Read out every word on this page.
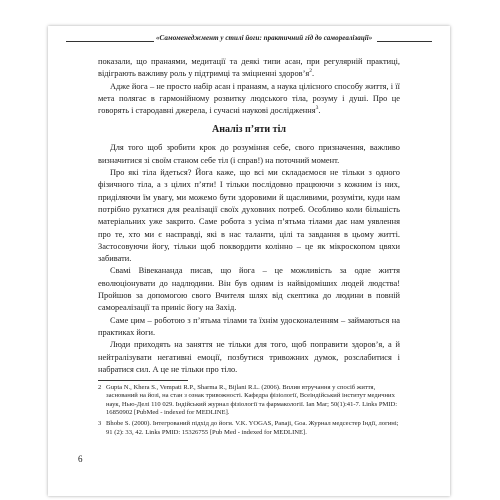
«Самоменеджмент у стилі йоги: практичний гід до самореалізації»

показали, що пранаями, медитації та деякі типи асан, при регулярній практиці, відіграють важливу роль у підтримці та зміцненні $здоров’я^2$.

Адже йога – не просто набір асан і пранаям, а наука цілісного способу життя, і її мета полягає в гармонійному розвитку людського тіла, розуму і душі. Про це говорять і стародавні джерела, і сучасні наукові дослідження$^3$.

Аналіз п’яти тіл

Для того щоб зробити крок до розуміння себе, свого призначення, важливо визначитися зі своїм станом себе тіл (і справ!) на поточний момент.

Про які тіла йдеться? Йога каже, що всі ми складаємося не тільки з одного фізичного тіла, а з цілих п’яти! І тільки послідовно працюючи з кожним із них, приділяючи їм увагу, ми можемо бути здоровими й щасливими, розуміти, куди нам потрібно рухатися для реалізації своїх духовних потреб. Особливо коли більшість матеріальних уже закрито. Саме робота з усіма п’ятьма тілами дає нам уявлення про те, хто ми є насправді, які в нас таланти, цілі та завдання в цьому житті. Застосовуючи йогу, тільки щоб поквордити колінно – це як мікроскопом цвяхи забивати.

Свамі Вівекананда писав, що йога – це можливість за одне життя еволюціонувати до надлюдини. Він був одним із найвідоміших людей людства! Пройшов за допомогою свого Вчителя шлях від скептика до людини в повній самореалізації та приніс йогу на Захід.

Саме цим – роботою з п’ятьма тілами та їхнім удосконаленням – займаються на практиках йоги.

Люди приходять на заняття не тільки для того, щоб поправити здоров’я, а й нейтралізувати негативні емоції, позбутися тривожних думок, розслабитися і набратися сил. А це не тільки про тіло.

2 Gupta N., Khera S., Vempati R.P., Sharma R., Bijlani R.L. (2006). Вплив втручання у спосіб життя, заснований на йозі, на стан з ознак тривожності. Кафедра фізіології, Всеіндійський інститут медичних наук, Нью-Делі 110 029. Індійський журнал фізіології та фармакології. Ian Mar; 50(1):41-7. Links PMID: 16850902 [PubMed - indexed for MEDLINE].

3 Bhobe S. (2000). Інтегрований підхід до йоги. V.K. YOGAS, Panaji, Goa. Журнал медсестер Індії, логині; 91 (2): 33, 42. Links PMID: 15326755 [Pub Med - indexed for MEDLINE].

6
